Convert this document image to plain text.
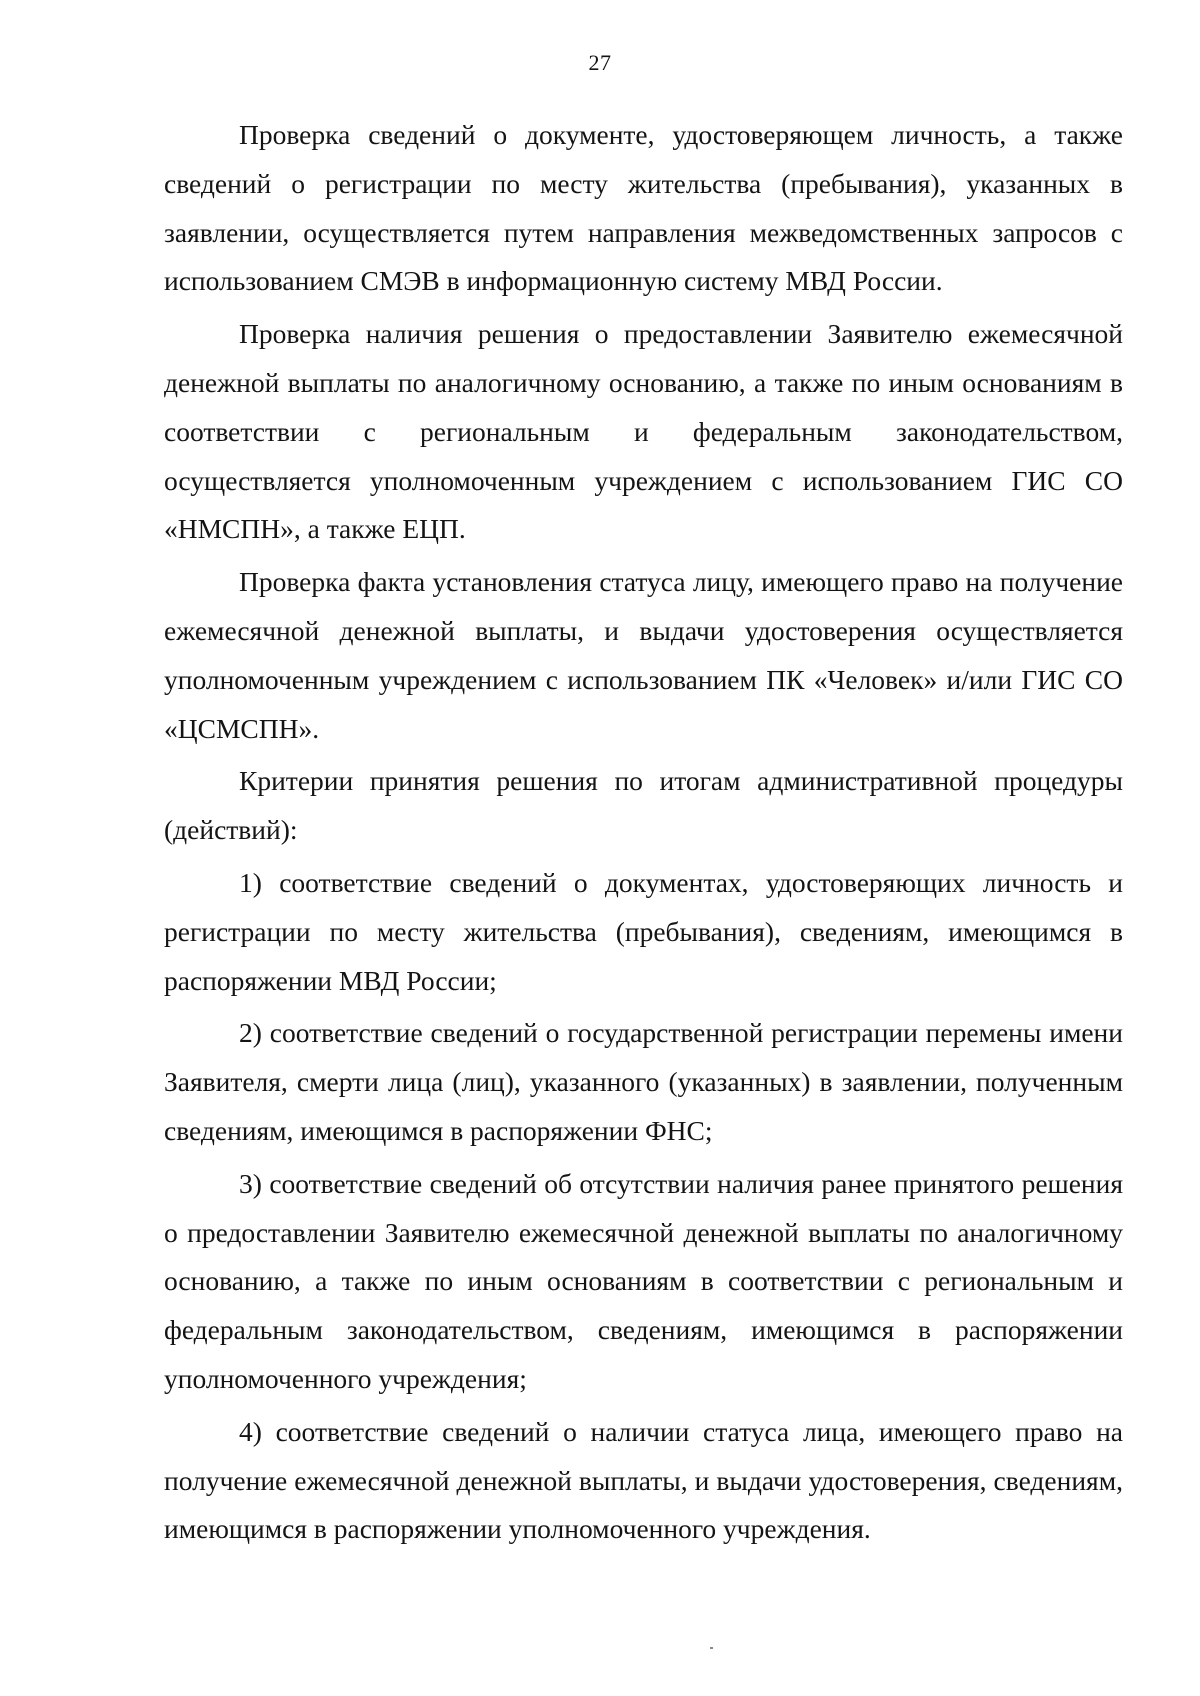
27

Проверка сведений о документе, удостоверяющем личность, а также сведений о регистрации по месту жительства (пребывания), указанных в заявлении, осуществляется путем направления межведомственных запросов с использованием СМЭВ в информационную систему МВД России.

Проверка наличия решения о предоставлении Заявителю ежемесячной денежной выплаты по аналогичному основанию, а также по иным основаниям в соответствии с региональным и федеральным законодательством, осуществляется уполномоченным учреждением с использованием ГИС СО «НМСПН», а также ЕЦП.

Проверка факта установления статуса лицу, имеющего право на получение ежемесячной денежной выплаты, и выдачи удостоверения осуществляется уполномоченным учреждением с использованием ПК «Человек» и/или ГИС СО «ЦСМСПН».

Критерии принятия решения по итогам административной процедуры (действий):

1) соответствие сведений о документах, удостоверяющих личность и регистрации по месту жительства (пребывания), сведениям, имеющимся в распоряжении МВД России;

2) соответствие сведений о государственной регистрации перемены имени Заявителя, смерти лица (лиц), указанного (указанных) в заявлении, полученным сведениям, имеющимся в распоряжении ФНС;

3) соответствие сведений об отсутствии наличия ранее принятого решения о предоставлении Заявителю ежемесячной денежной выплаты по аналогичному основанию, а также по иным основаниям в соответствии с региональным и федеральным законодательством, сведениям, имеющимся в распоряжении уполномоченного учреждения;

4) соответствие сведений о наличии статуса лица, имеющего право на получение ежемесячной денежной выплаты, и выдачи удостоверения, сведениям, имеющимся в распоряжении уполномоченного учреждения.
